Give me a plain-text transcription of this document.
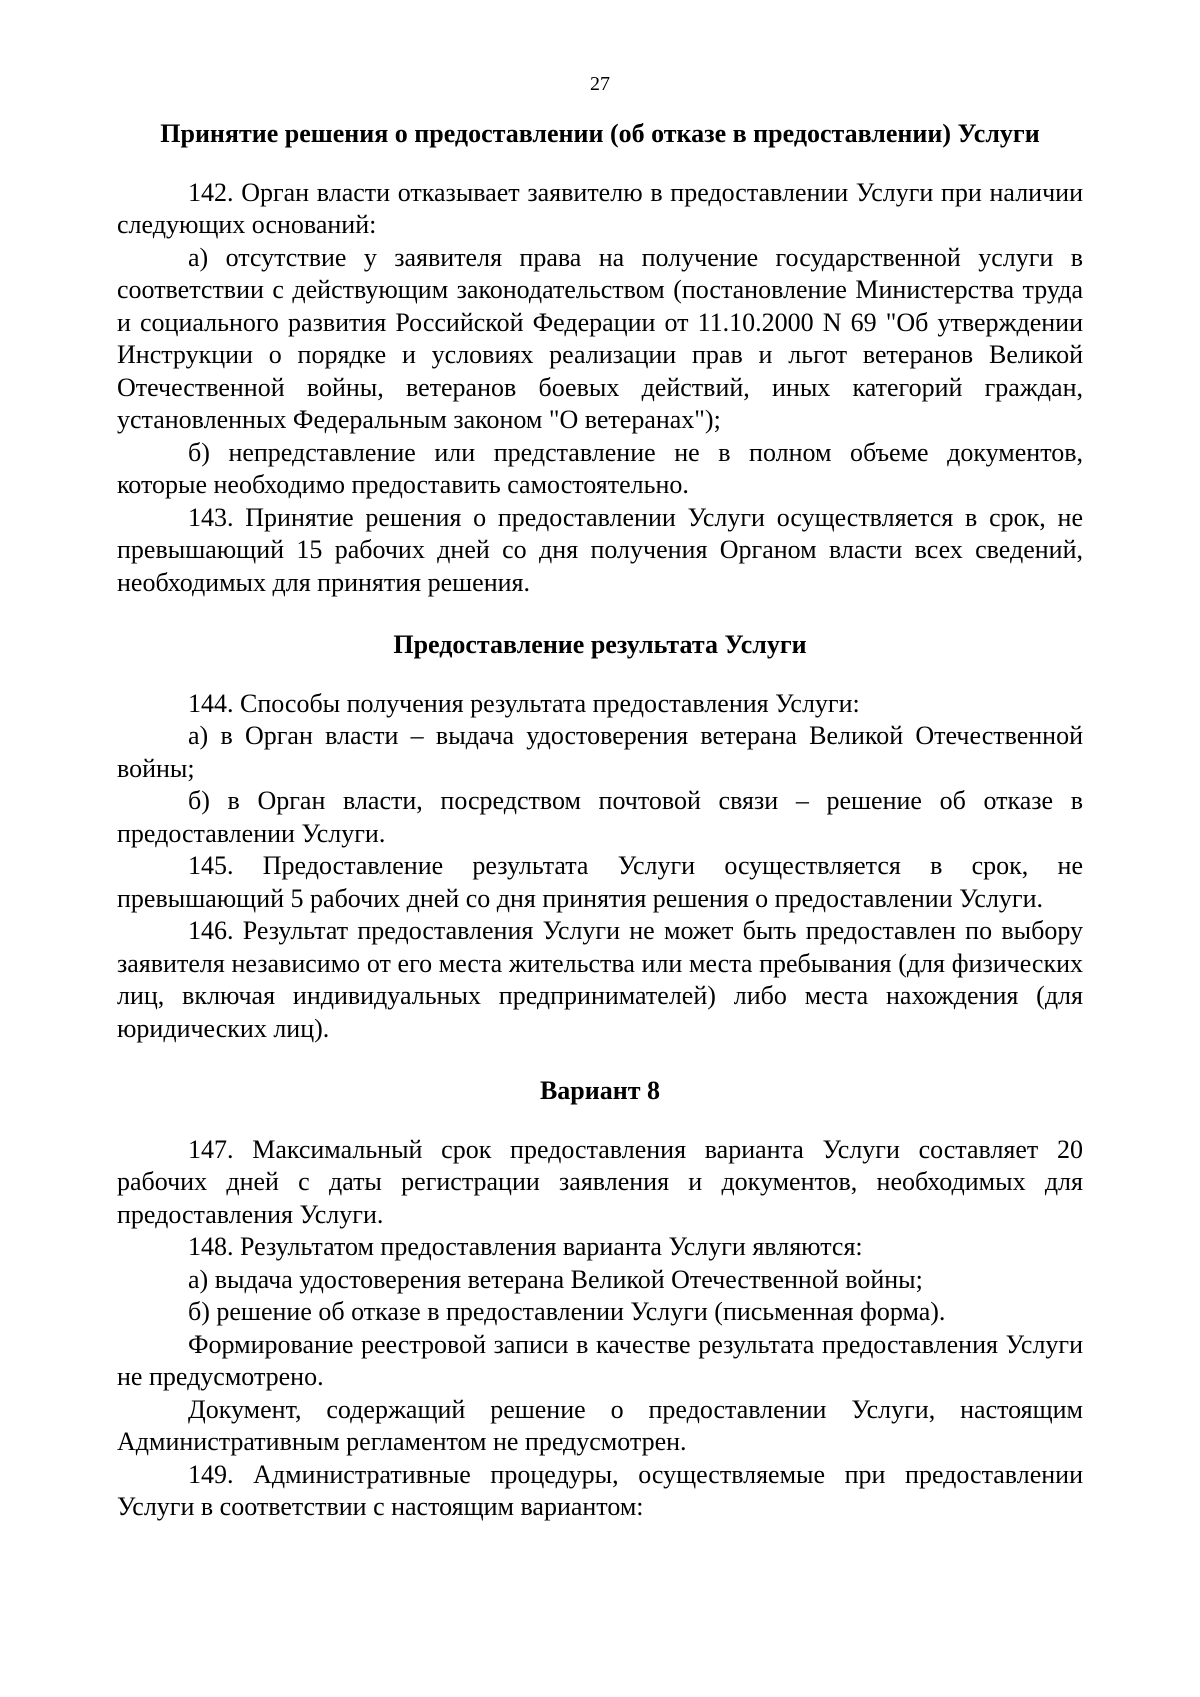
27

Принятие решения о предоставлении (об отказе в предоставлении) Услуги

142. Орган власти отказывает заявителю в предоставлении Услуги при наличии следующих оснований:

а) отсутствие у заявителя права на получение государственной услуги в соответствии с действующим законодательством (постановление Министерства труда и социального развития Российской Федерации от 11.10.2000 N 69 "Об утверждении Инструкции о порядке и условиях реализации прав и льгот ветеранов Великой Отечественной войны, ветеранов боевых действий, иных категорий граждан, установленных Федеральным законом "О ветеранах");

б) непредставление или представление не в полном объеме документов, которые необходимо предоставить самостоятельно.

143. Принятие решения о предоставлении Услуги осуществляется в срок, не превышающий 15 рабочих дней со дня получения Органом власти всех сведений, необходимых для принятия решения.

Предоставление результата Услуги

144. Способы получения результата предоставления Услуги:

а) в Орган власти – выдача удостоверения ветерана Великой Отечественной войны;

б) в Орган власти, посредством почтовой связи – решение об отказе в предоставлении Услуги.

145. Предоставление результата Услуги осуществляется в срок, не превышающий 5 рабочих дней со дня принятия решения о предоставлении Услуги.

146. Результат предоставления Услуги не может быть предоставлен по выбору заявителя независимо от его места жительства или места пребывания (для физических лиц, включая индивидуальных предпринимателей) либо места нахождения (для юридических лиц).

Вариант 8

147. Максимальный срок предоставления варианта Услуги составляет 20 рабочих дней с даты регистрации заявления и документов, необходимых для предоставления Услуги.

148. Результатом предоставления варианта Услуги являются:

а) выдача удостоверения ветерана Великой Отечественной войны;

б) решение об отказе в предоставлении Услуги (письменная форма).

Формирование реестровой записи в качестве результата предоставления Услуги не предусмотрено.

Документ, содержащий решение о предоставлении Услуги, настоящим Административным регламентом не предусмотрен.

149. Административные процедуры, осуществляемые при предоставлении Услуги в соответствии с настоящим вариантом:
